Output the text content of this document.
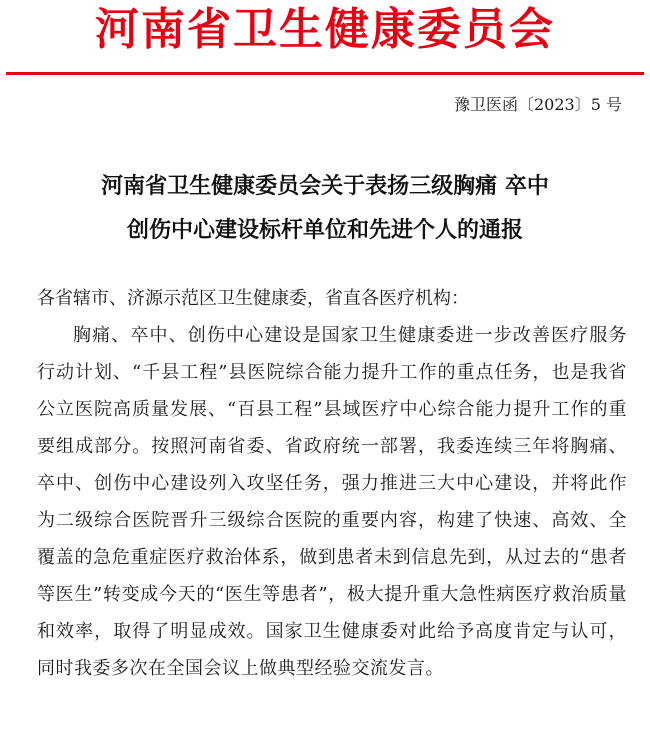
河南省卫生健康委员会
豫卫医函〔2023〕5 号
河南省卫生健康委员会关于表扬三级胸痛 卒中
创伤中心建设标杆单位和先进个人的通报

各省辖市、济源示范区卫生健康委，省直各医疗机构：

胸痛、卒中、创伤中心建设是国家卫生健康委进一步改善医疗服务行动计划、“千县工程”县医院综合能力提升工作的重点任务，也是我省公立医院高质量发展、“百县工程”县域医疗中心综合能力提升工作的重要组成部分。按照河南省委、省政府统一部署，我委连续三年将胸痛、卒中、创伤中心建设列入攻坚任务，强力推进三大中心建设，并将此作为二级综合医院晋升三级综合医院的重要内容，构建了快速、高效、全覆盖的急危重症医疗救治体系，做到患者未到信息先到，从过去的“患者等医生”转变成今天的“医生等患者”，极大提升重大急性病医疗救治质量和效率，取得了明显成效。国家卫生健康委对此给予高度肯定与认可，同时我委多次在全国会议上做典型经验交流发言。
